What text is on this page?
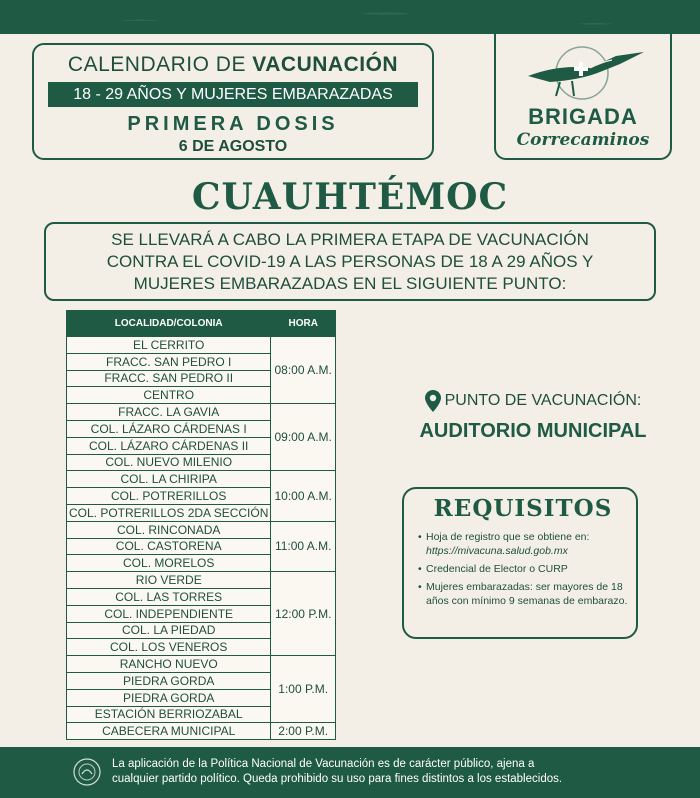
CALENDARIO DE VACUNACIÓN
18 - 29 AÑOS Y MUJERES EMBARAZADAS
PRIMERA DOSIS
6 DE AGOSTO
BRIGADA
Correcaminos
CUAUHTÉMOC
SE LLEVARÁ A CABO LA PRIMERA ETAPA DE VACUNACIÓN
CONTRA EL COVID-19 A LAS PERSONAS DE 18 A 29 AÑOS Y
MUJERES EMBARAZADAS EN EL SIGUIENTE PUNTO:
LOCALIDAD/COLONIA	HORA
EL CERRITO	08:00 A.M.
FRACC. SAN PEDRO I	
FRACC. SAN PEDRO II	
CENTRO	
FRACC. LA GAVIA	09:00 A.M.
COL. LÁZARO CÁRDENAS I	
COL. LÁZARO CÁRDENAS II	
COL. NUEVO MILENIO	
COL. LA CHIRIPA	10:00 A.M.
COL. POTRERILLOS	
COL. POTRERILLOS 2DA SECCIÓN	
COL. RINCONADA	11:00 A.M.
COL. CASTORENA	
COL. MORELOS	
RIO VERDE	12:00 P.M.
COL. LAS TORRES	
COL. INDEPENDIENTE	
COL. LA PIEDAD	
COL. LOS VENEROS	
RANCHO NUEVO	1:00 P.M.
PIEDRA GORDA	
PIEDRA GORDA	
ESTACIÓN BERRIOZABAL	
CABECERA MUNICIPAL	2:00 P.M.
PUNTO DE VACUNACIÓN:
AUDITORIO MUNICIPAL
REQUISITOS
• Hoja de registro que se obtiene en: https://mivacuna.salud.gob.mx
• Credencial de Elector o CURP
• Mujeres embarazadas: ser mayores de 18 años con mínimo 9 semanas de embarazo.
La aplicación de la Política Nacional de Vacunación es de carácter público, ajena a
cualquier partido político. Queda prohibido su uso para fines distintos a los establecidos.
